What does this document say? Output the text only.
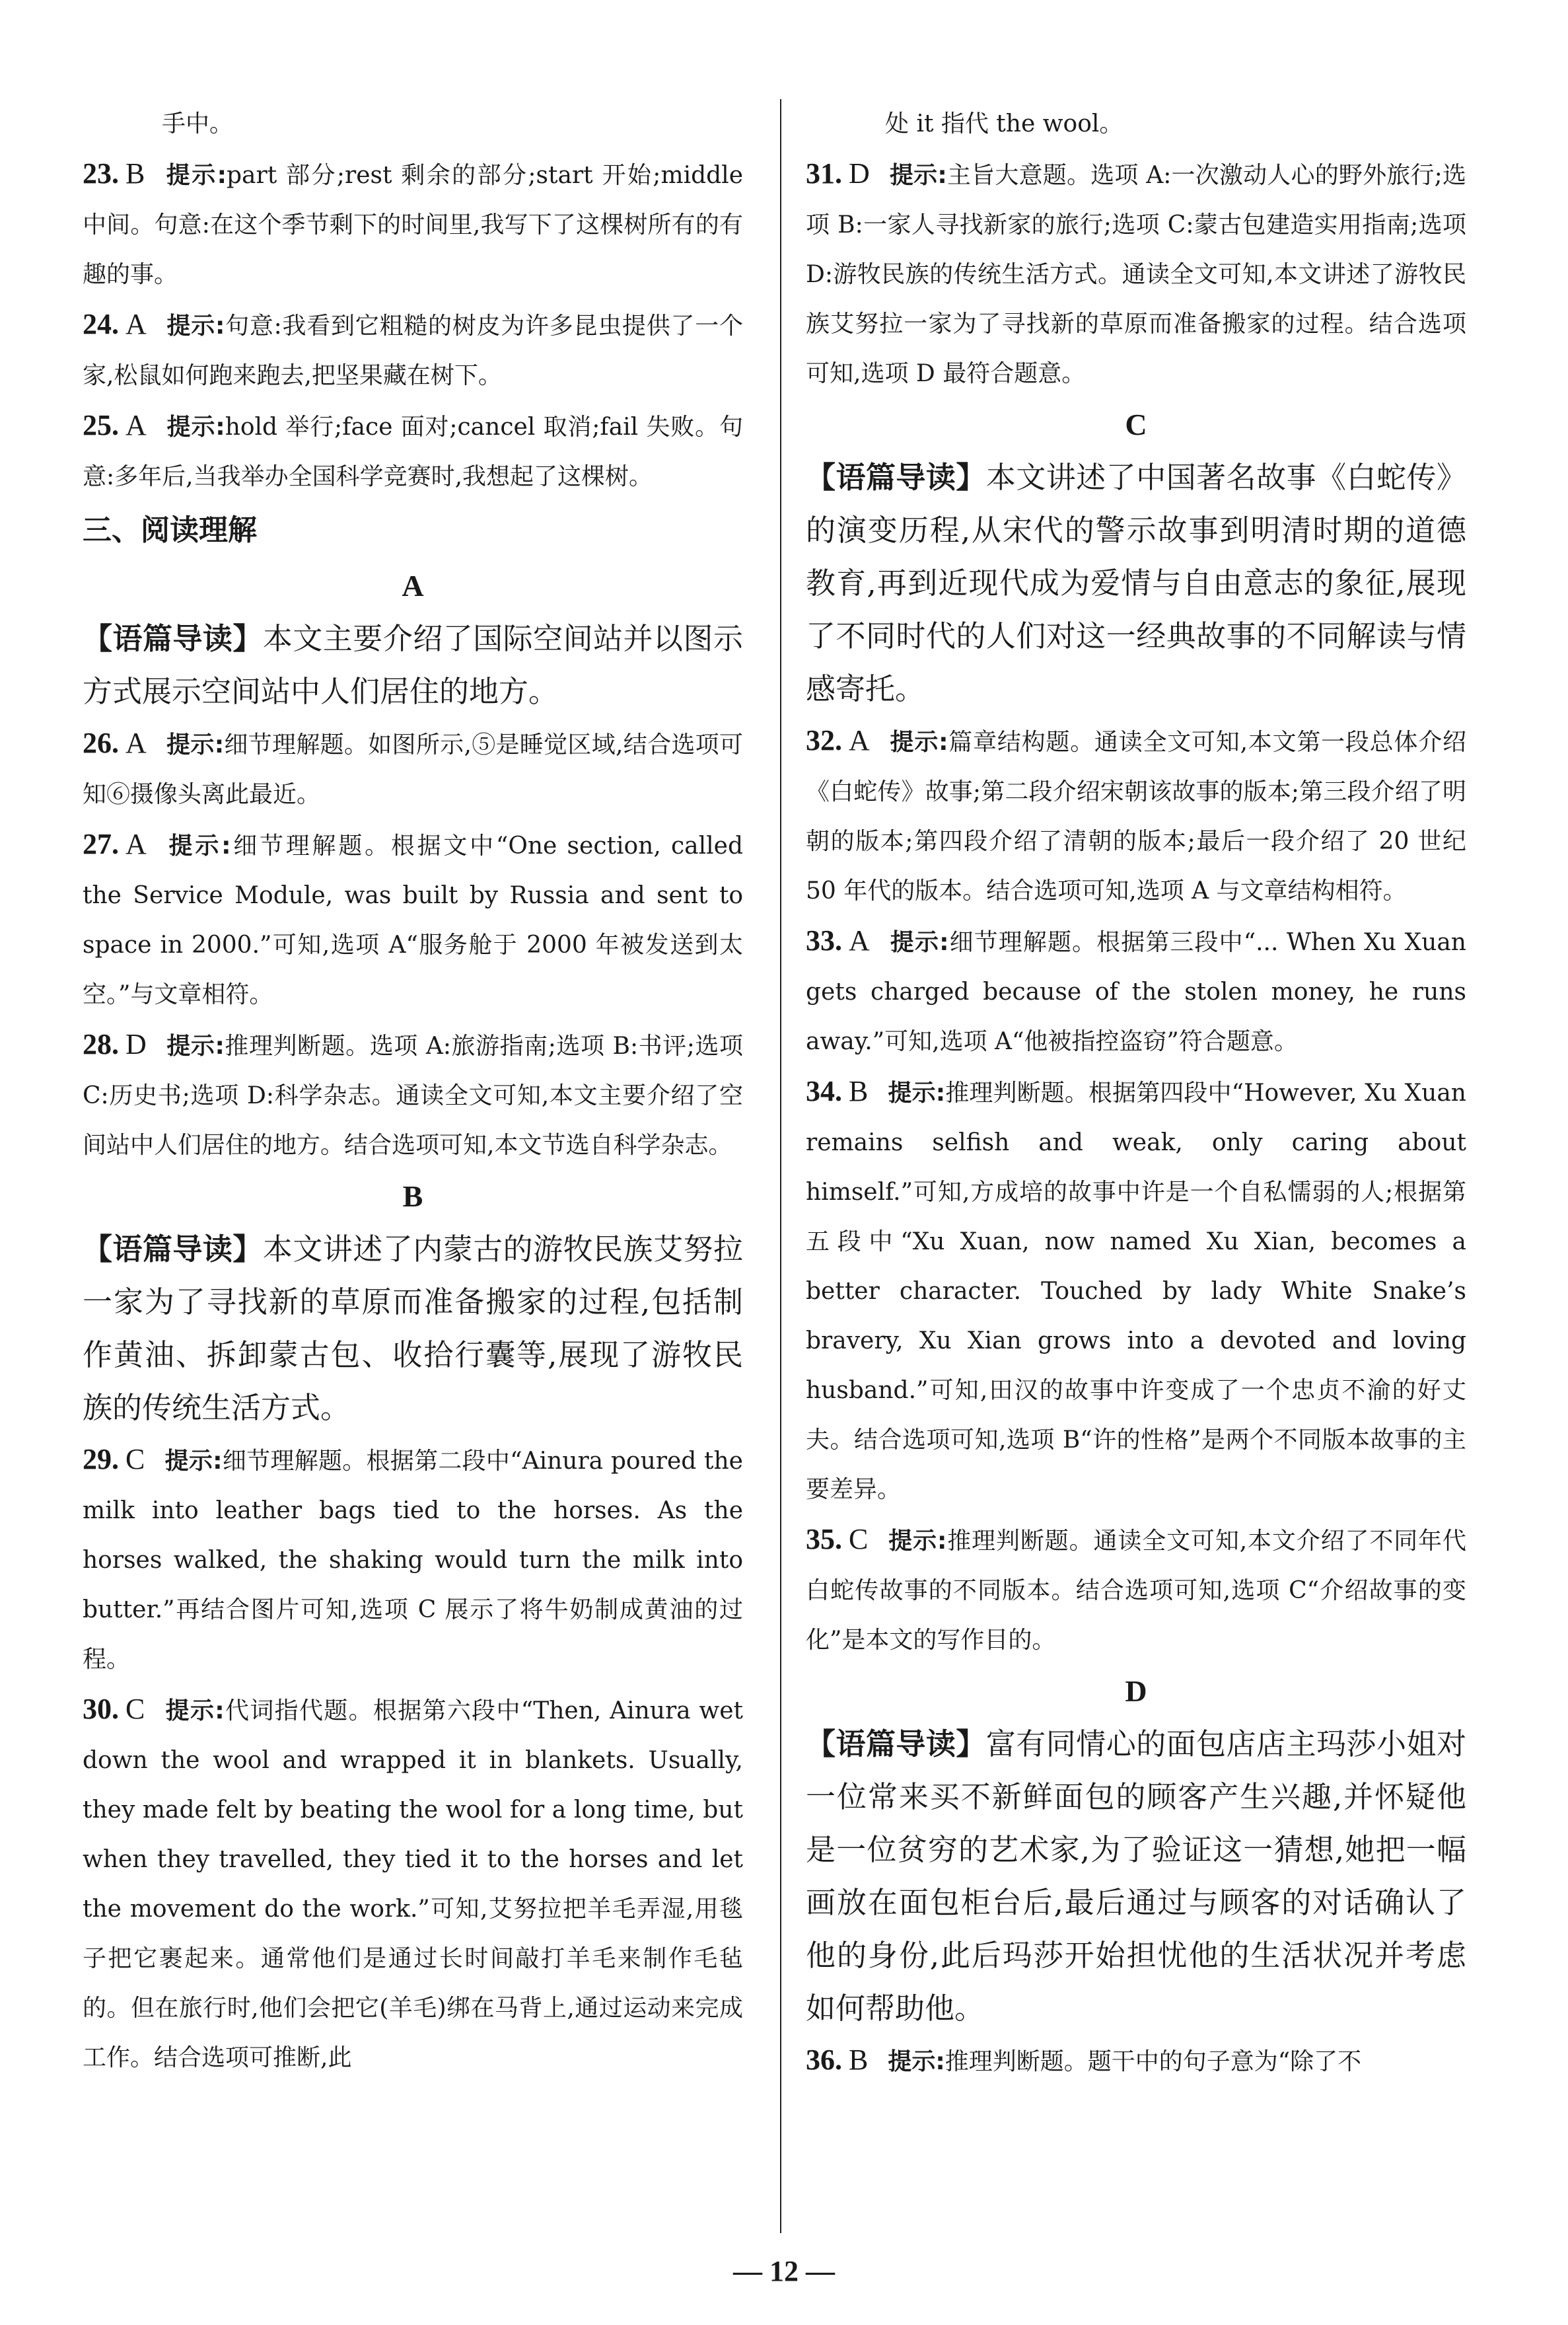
手中。

23. B 提示:part 部分;rest 剩余的部分;start 开始;middle 中间。句意:在这个季节剩下的时间里,我写下了这棵树所有的有趣的事。

24. A 提示:句意:我看到它粗糙的树皮为许多昆虫提供了一个家,松鼠如何跑来跑去,把坚果藏在树下。

25. A 提示:hold 举行;face 面对;cancel 取消;fail 失败。句意:多年后,当我举办全国科学竞赛时,我想起了这棵树。

三、阅读理解

A

【语篇导读】本文主要介绍了国际空间站并以图示方式展示空间站中人们居住的地方。

26. A 提示:细节理解题。如图所示,⑤是睡觉区域,结合选项可知⑥摄像头离此最近。

27. A 提示:细节理解题。根据文中“One section, called the Service Module, was built by Russia and sent to space in 2000.”可知,选项 A“服务舱于 2000 年被发送到太空。”与文章相符。

28. D 提示:推理判断题。选项 A:旅游指南;选项 B:书评;选项 C:历史书;选项 D:科学杂志。通读全文可知,本文主要介绍了空间站中人们居住的地方。结合选项可知,本文节选自科学杂志。

B

【语篇导读】本文讲述了内蒙古的游牧民族艾努拉一家为了寻找新的草原而准备搬家的过程,包括制作黄油、拆卸蒙古包、收拾行囊等,展现了游牧民族的传统生活方式。

29. C 提示:细节理解题。根据第二段中“Ainura poured the milk into leather bags tied to the horses. As the horses walked, the shaking would turn the milk into butter.”再结合图片可知,选项 C 展示了将牛奶制成黄油的过程。

30. C 提示:代词指代题。根据第六段中“Then, Ainura wet down the wool and wrapped it in blankets. Usually, they made felt by beating the wool for a long time, but when they travelled, they tied it to the horses and let the movement do the work.”可知,艾努拉把羊毛弄湿,用毯子把它裹起来。通常他们是通过长时间敲打羊毛来制作毛毡的。但在旅行时,他们会把它(羊毛)绑在马背上,通过运动来完成工作。结合选项可推断,此

处 it 指代 the wool。

31. D 提示:主旨大意题。选项 A:一次激动人心的野外旅行;选项 B:一家人寻找新家的旅行;选项 C:蒙古包建造实用指南;选项 D:游牧民族的传统生活方式。通读全文可知,本文讲述了游牧民族艾努拉一家为了寻找新的草原而准备搬家的过程。结合选项可知,选项 D 最符合题意。

C

【语篇导读】本文讲述了中国著名故事《白蛇传》的演变历程,从宋代的警示故事到明清时期的道德教育,再到近现代成为爱情与自由意志的象征,展现了不同时代的人们对这一经典故事的不同解读与情感寄托。

32. A 提示:篇章结构题。通读全文可知,本文第一段总体介绍《白蛇传》故事;第二段介绍宋朝该故事的版本;第三段介绍了明朝的版本;第四段介绍了清朝的版本;最后一段介绍了 20 世纪 50 年代的版本。结合选项可知,选项 A 与文章结构相符。

33. A 提示:细节理解题。根据第三段中“... When Xu Xuan gets charged because of the stolen money, he runs away.”可知,选项 A“他被指控盗窃”符合题意。

34. B 提示:推理判断题。根据第四段中“However, Xu Xuan remains selfish and weak, only caring about himself.”可知,方成培的故事中许是一个自私懦弱的人;根据第五段中“Xu Xuan, now named Xu Xian, becomes a better character. Touched by lady White Snake’s bravery, Xu Xian grows into a devoted and loving husband.”可知,田汉的故事中许变成了一个忠贞不渝的好丈夫。结合选项可知,选项 B“许的性格”是两个不同版本故事的主要差异。

35. C 提示:推理判断题。通读全文可知,本文介绍了不同年代白蛇传故事的不同版本。结合选项可知,选项 C“介绍故事的变化”是本文的写作目的。

D

【语篇导读】富有同情心的面包店店主玛莎小姐对一位常来买不新鲜面包的顾客产生兴趣,并怀疑他是一位贫穷的艺术家,为了验证这一猜想,她把一幅画放在面包柜台后,最后通过与顾客的对话确认了他的身份,此后玛莎开始担忧他的生活状况并考虑如何帮助他。

36. B 提示:推理判断题。题干中的句子意为“除了不

— 12 —
